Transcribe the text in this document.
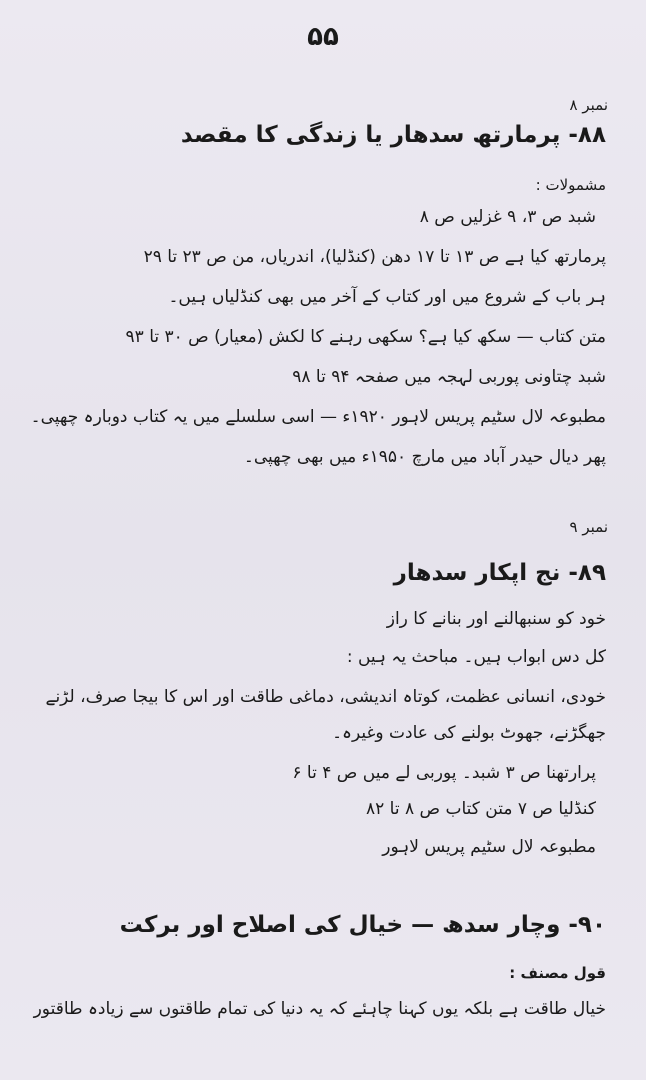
۵۵
نمبر ۸
۸۸- پرمارتھ سدھار یا زندگی کا مقصد
مشمولات :
شبد ص ۳، ۹ غزلیں ص ۸
پرمارتھ کیا ہے ص ۱۳ تا ۱۷ دھن (کنڈلیا)، اندریاں، من ص ۲۳ تا ۲۹
ہر باب کے شروع میں اور کتاب کے آخر میں بھی کنڈلیاں ہیں۔
متن کتاب — سکھ کیا ہے؟ سکھی رہنے کا لکش (معیار) ص ۳۰ تا ۹۳
شبد چتاونی پوربی لہجہ میں صفحہ ۹۴ تا ۹۸
مطبوعہ لال سٹیم پریس لاہور ۱۹۲۰ء — اسی سلسلے میں یہ کتاب دوبارہ چھپی۔
پھر دیال حیدر آباد میں مارچ ۱۹۵۰ء میں بھی چھپی۔
نمبر ۹
۸۹- نج اپکار سدھار
خود کو سنبھالنے اور بنانے کا راز
کل دس ابواب ہیں۔ مباحث یہ ہیں :
خودی، انسانی عظمت، کوتاہ اندیشی، دماغی طاقت اور اس کا بیجا صرف، لڑنے
جھگڑنے، جھوٹ بولنے کی عادت وغیرہ۔
پرارتھنا ص ۳ شبد۔ پوربی لے میں ص ۴ تا ۶
کنڈلیا ص ۷ متن کتاب ص ۸ تا ۸۲
مطبوعہ لال سٹیم پریس لاہور
۹۰- وچار سدھ — خیال کی اصلاح اور برکت
قول مصنف :
خیال طاقت ہے بلکہ یوں کہنا چاہئے کہ یہ دنیا کی تمام طاقتوں سے زیادہ طاقتور
